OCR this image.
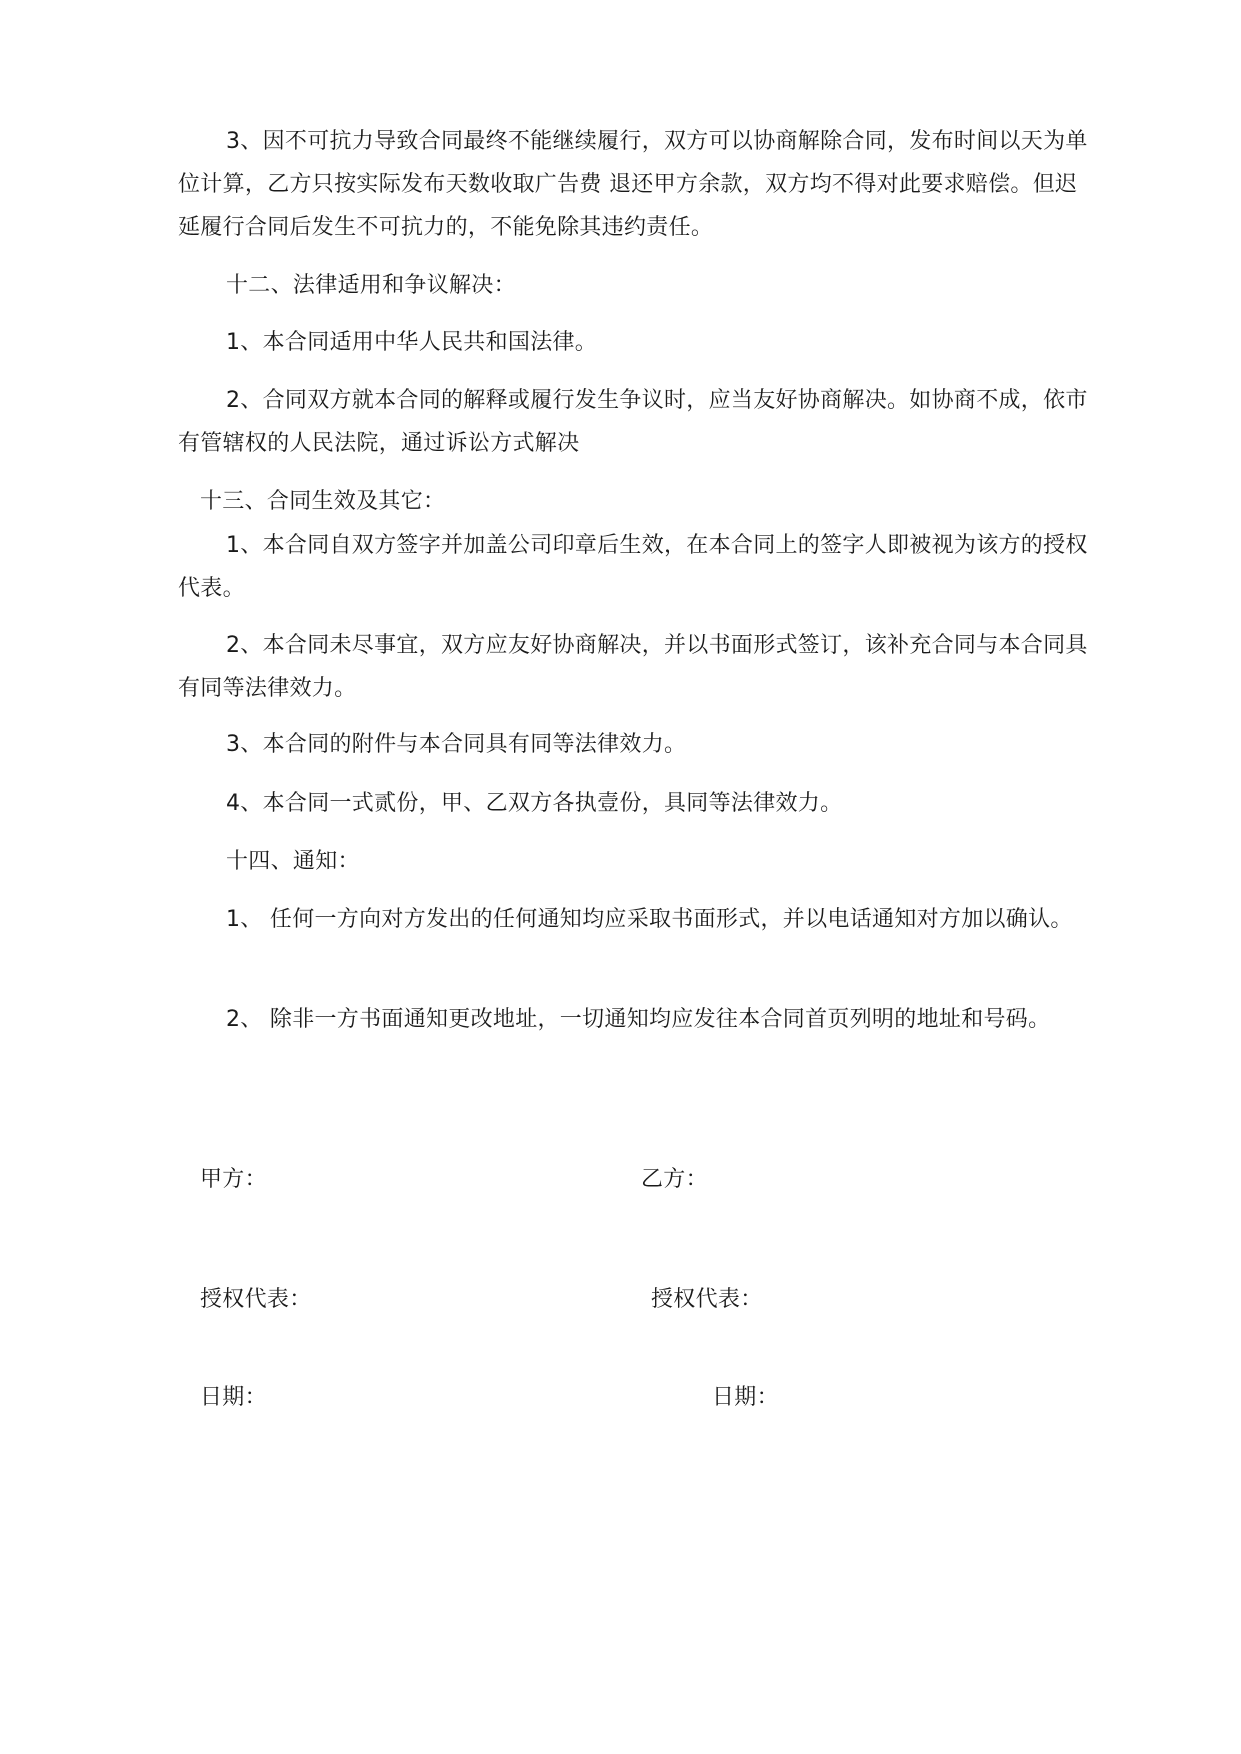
3、因不可抗力导致合同最终不能继续履行，双方可以协商解除合同，发布时间以天为单位计算，乙方只按实际发布天数收取广告费 退还甲方余款，双方均不得对此要求赔偿。但迟延履行合同后发生不可抗力的，不能免除其违约责任。

十二、法律适用和争议解决：

1、本合同适用中华人民共和国法律。

2、合同双方就本合同的解释或履行发生争议时，应当友好协商解决。如协商不成，依市有管辖权的人民法院，通过诉讼方式解决

十三、合同生效及其它：

1、本合同自双方签字并加盖公司印章后生效，在本合同上的签字人即被视为该方的授权代表。

2、本合同未尽事宜，双方应友好协商解决，并以书面形式签订，该补充合同与本合同具有同等法律效力。

3、本合同的附件与本合同具有同等法律效力。

4、本合同一式贰份，甲、乙双方各执壹份，具同等法律效力。

十四、通知：

1、 任何一方向对方发出的任何通知均应采取书面形式，并以电话通知对方加以确认。

2、 除非一方书面通知更改地址，一切通知均应发往本合同首页列明的地址和号码。

甲方：	乙方：

授权代表：	授权代表：

日期：	日期：
